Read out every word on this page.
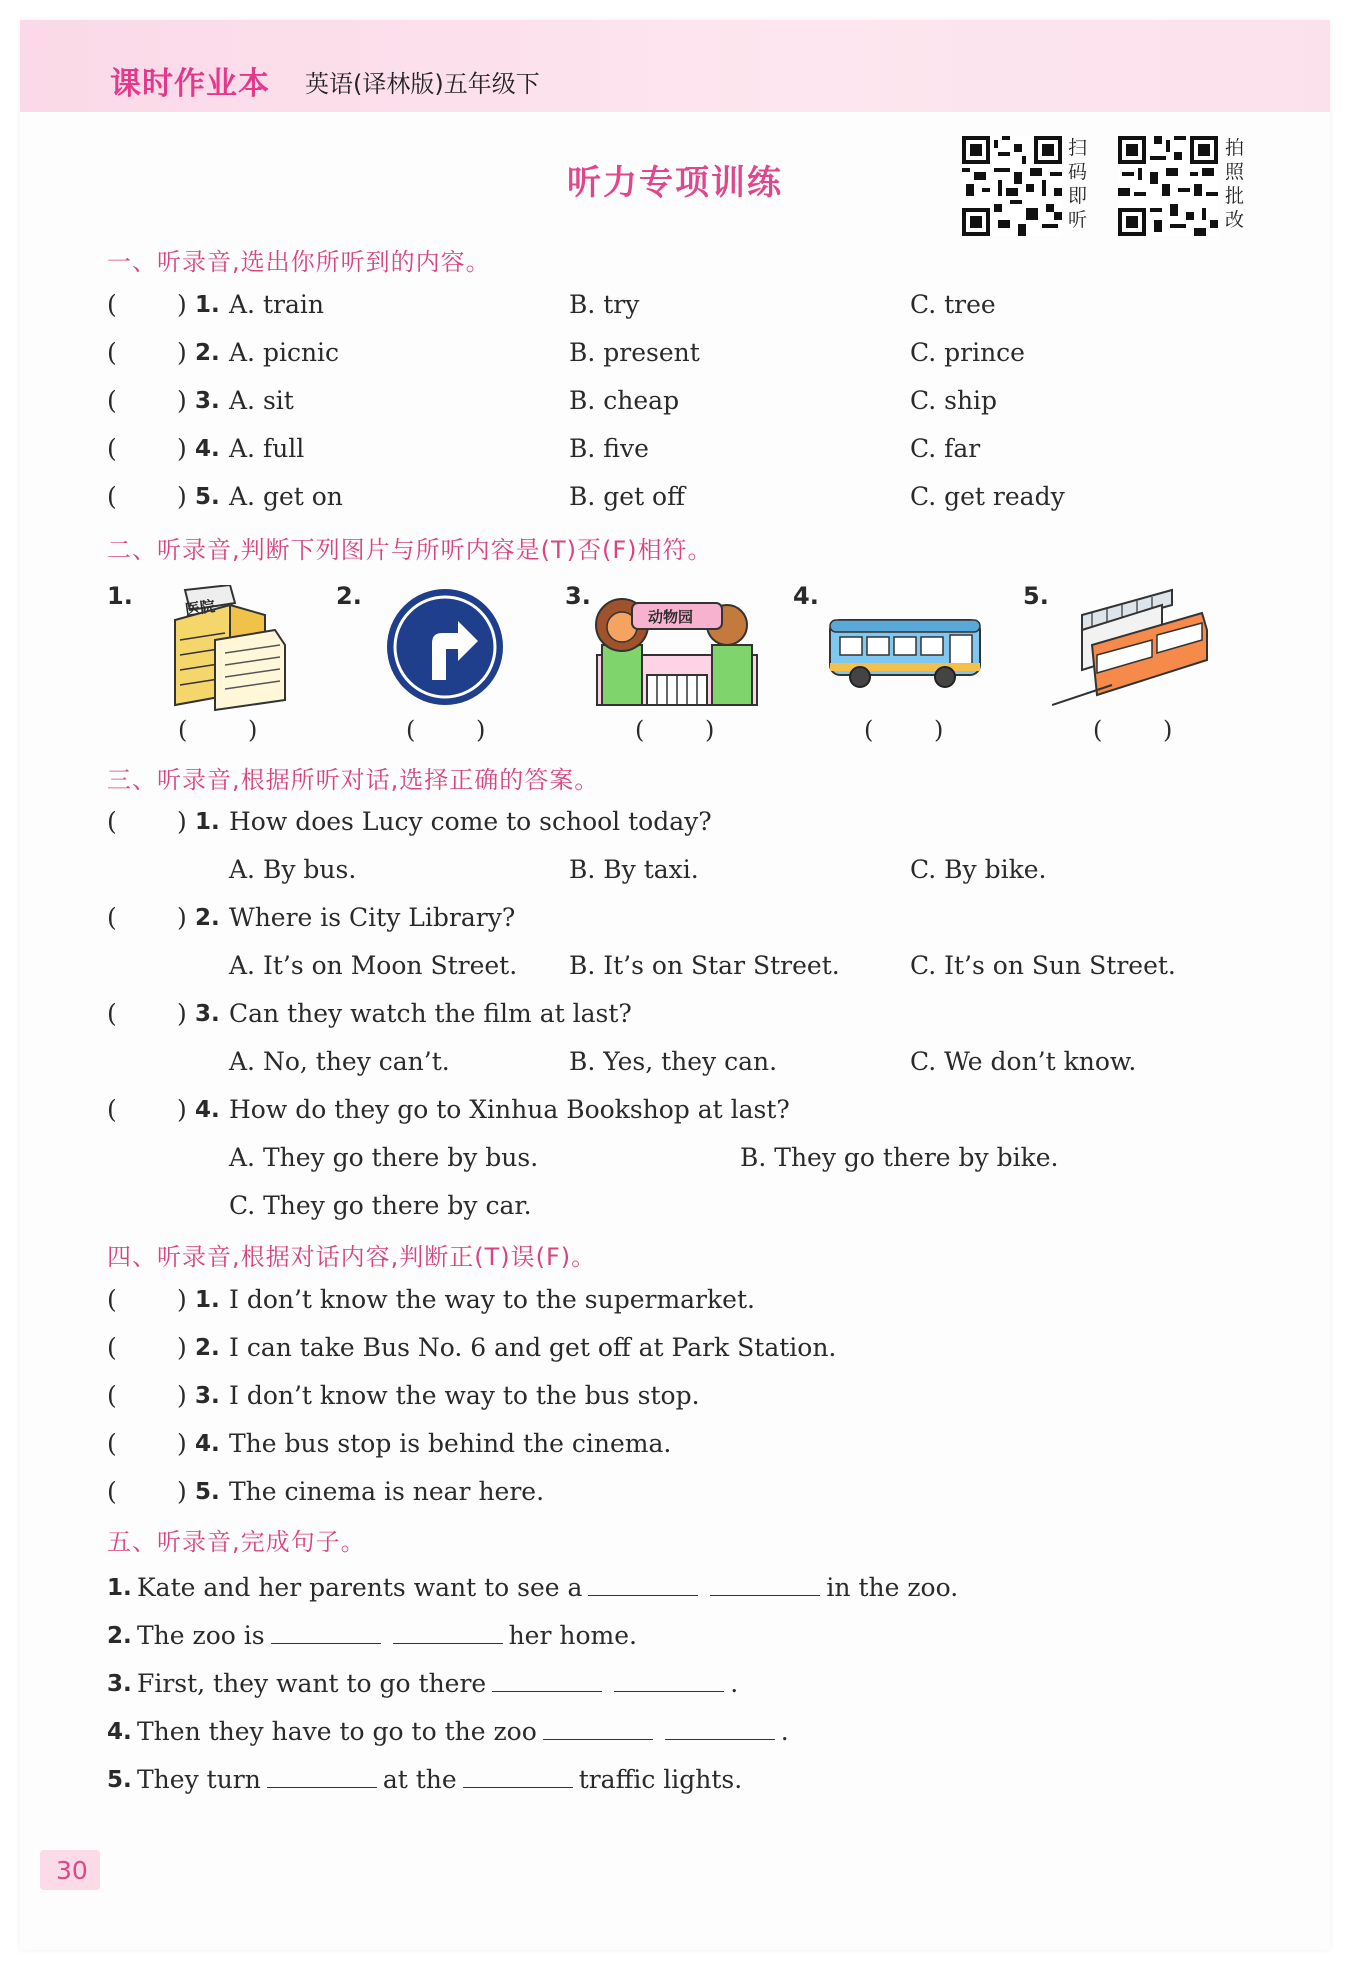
课时作业本 英语(译林版)五年级下
听力专项训练
扫
码
即
听
拍
照
批
改
一、听录音,选出你所听到的内容。
( ) 1. A. train	B. try	C. tree
( ) 2. A. picnic	B. present	C. prince
( ) 3. A. sit	B. cheap	C. ship
( ) 4. A. full	B. five	C. far
( ) 5. A. get on	B. get off	C. get ready
二、听录音,判断下列图片与所听内容是(T)否(F)相符。
1.	医院
(	)
2.
(	)
3.
动物园
(	)
4.
(	)
5.
(	)
三、听录音,根据所听对话,选择正确的答案。
( ) 1. How does Lucy come to school today?
A. By bus.	B. By taxi.	C. By bike.
( ) 2. Where is City Library?
A. It’s on Moon Street. B. It’s on Star Street.	C. It’s on Sun Street.
( ) 3. Can they watch the film at last?
A. No, they can’t.	B. Yes, they can.	C. We don’t know.
( ) 4. How do they go to Xinhua Bookshop at last?
A. They go there by bus.	B. They go there by bike.
C. They go there by car.
四、听录音,根据对话内容,判断正(T)误(F)。
( ) 1. I don’t know the way to the supermarket.
( ) 2. I can take Bus No. 6 and get off at Park Station.
( ) 3. I don’t know the way to the bus stop.
( ) 4. The bus stop is behind the cinema.
( ) 5. The cinema is near here.
五、听录音,完成句子。
1. Kate and her parents want to see a	in the zoo.
2. The zoo is	her home.
3. First, they want to go there	.
4. Then they have to go to the zoo	.
5. They turn	at the	traffic lights.
30
